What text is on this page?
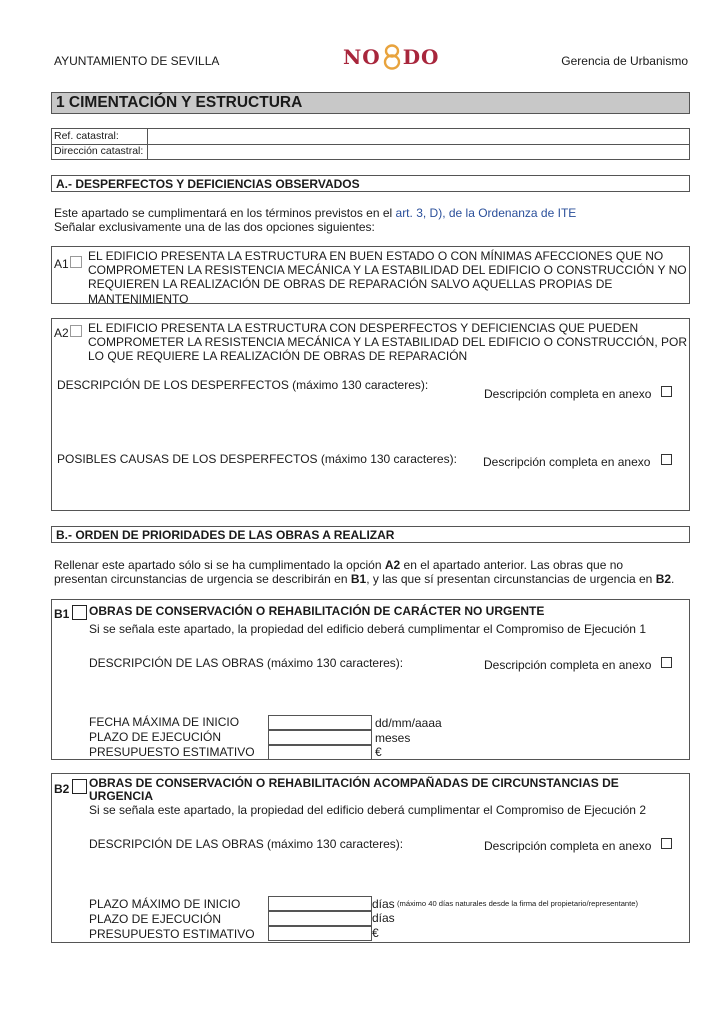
AYUNTAMIENTO DE SEVILLA	NO DO	Gerencia de Urbanismo
1 CIMENTACIÓN Y ESTRUCTURA
Ref. catastral:
Dirección catastral:
A.- DESPERFECTOS Y DEFICIENCIAS OBSERVADOS
Este apartado se cumplimentará en los términos previstos en el art. 3, D), de la Ordenanza de ITE
Señalar exclusivamente una de las dos opciones siguientes:
A1
EL EDIFICIO PRESENTA LA ESTRUCTURA EN BUEN ESTADO O CON MÍNIMAS AFECCIONES QUE NO COMPROMETEN LA RESISTENCIA MECÁNICA Y LA ESTABILIDAD DEL EDIFICIO O CONSTRUCCIÓN Y NO REQUIEREN LA REALIZACIÓN DE OBRAS DE REPARACIÓN SALVO AQUELLAS PROPIAS DE MANTENIMIENTO
A2 EL EDIFICIO PRESENTA LA ESTRUCTURA CON DESPERFECTOS Y DEFICIENCIAS QUE PUEDEN COMPROMETER LA RESISTENCIA MECÁNICA Y LA ESTABILIDAD DEL EDIFICIO O CONSTRUCCIÓN, POR LO QUE REQUIERE LA REALIZACIÓN DE OBRAS DE REPARACIÓN
DESCRIPCIÓN DE LOS DESPERFECTOS (máximo 130 caracteres):
Descripción completa en anexo
POSIBLES CAUSAS DE LOS DESPERFECTOS (máximo 130 caracteres): Descripción completa en anexo
B.- ORDEN DE PRIORIDADES DE LAS OBRAS A REALIZAR
Rellenar este apartado sólo si se ha cumplimentado la opción A2 en el apartado anterior. Las obras que no
presentan circunstancias de urgencia se describirán en B1, y las que sí presentan circunstancias de urgencia en B2.
B1 OBRAS DE CONSERVACIÓN O REHABILITACIÓN DE CARÁCTER NO URGENTE
Si se señala este apartado, la propiedad del edificio deberá cumplimentar el Compromiso de Ejecución 1
DESCRIPCIÓN DE LAS OBRAS (máximo 130 caracteres):	Descripción completa en anexo
FECHA MÁXIMA DE INICIO	dd/mm/aaaa
PLAZO DE EJECUCIÓN	meses
PRESUPUESTO ESTIMATIVO	€
B2 OBRAS DE CONSERVACIÓN O REHABILITACIÓN ACOMPAÑADAS DE CIRCUNSTANCIAS DE
URGENCIA
Si se señala este apartado, la propiedad del edificio deberá cumplimentar el Compromiso de Ejecución 2
DESCRIPCIÓN DE LAS OBRAS (máximo 130 caracteres):	Descripción completa en anexo
PLAZO MÁXIMO DE INICIO	días (máximo 40 días naturales desde la firma del propietario/representante)
PLAZO DE EJECUCIÓN	días
PRESUPUESTO ESTIMATIVO	€
